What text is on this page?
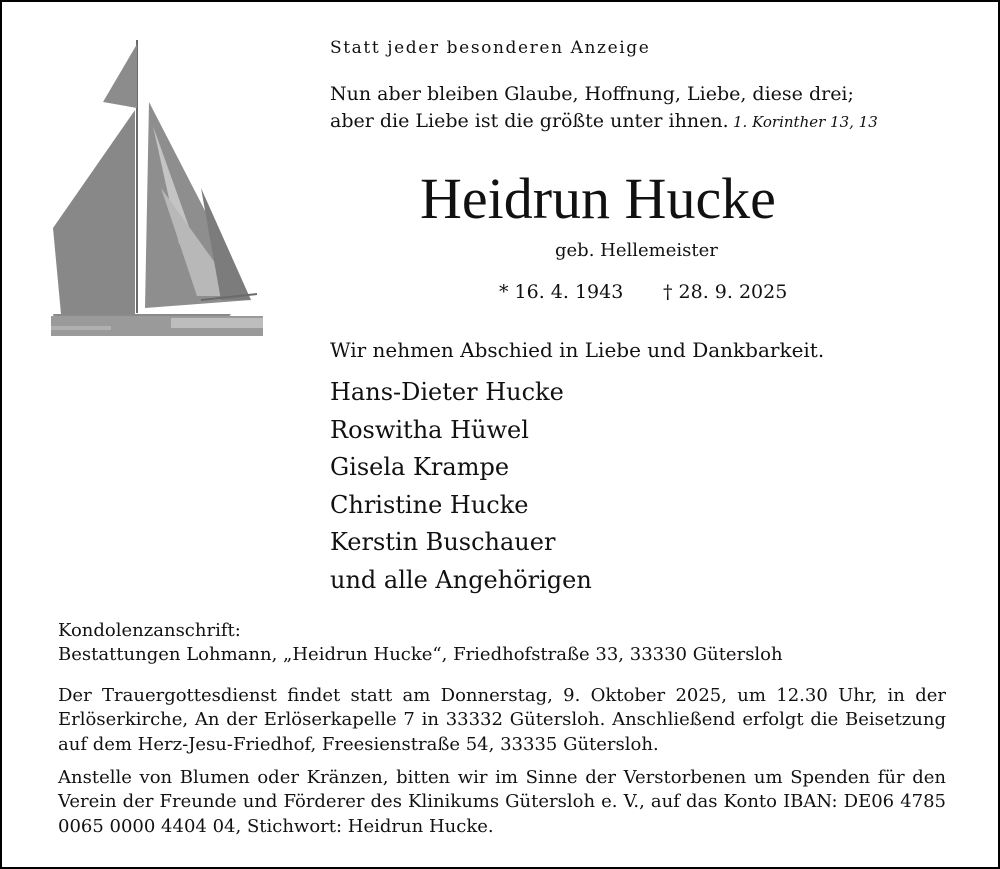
Statt jeder besonderen Anzeige
Nun aber bleiben Glaube, Hoffnung, Liebe, diese drei;
aber die Liebe ist die größte unter ihnen. 1. Korinther 13, 13
Heidrun Hucke
geb. Hellemeister
* 16. 4. 1943 † 28. 9. 2025
Wir nehmen Abschied in Liebe und Dankbarkeit.
Hans-Dieter Hucke
Roswitha Hüwel
Gisela Krampe
Christine Hucke
Kerstin Buschauer
und alle Angehörigen
Kondolenzanschrift:
Bestattungen Lohmann, „Heidrun Hucke“, Friedhofstraße 33, 33330 Gütersloh

Der Trauergottesdienst findet statt am Donnerstag, 9. Oktober 2025, um 12.30 Uhr, in der Erlöserkirche, An der Erlöserkapelle 7 in 33332 Gütersloh. Anschließend erfolgt die Beisetzung auf dem Herz-Jesu-Friedhof, Freesienstraße 54, 33335 Gütersloh.

Anstelle von Blumen oder Kränzen, bitten wir im Sinne der Verstorbenen um Spenden für den Verein der Freunde und Förderer des Klinikums Gütersloh e. V., auf das Konto IBAN: DE06 4785 0065 0000 4404 04, Stichwort: Heidrun Hucke.
